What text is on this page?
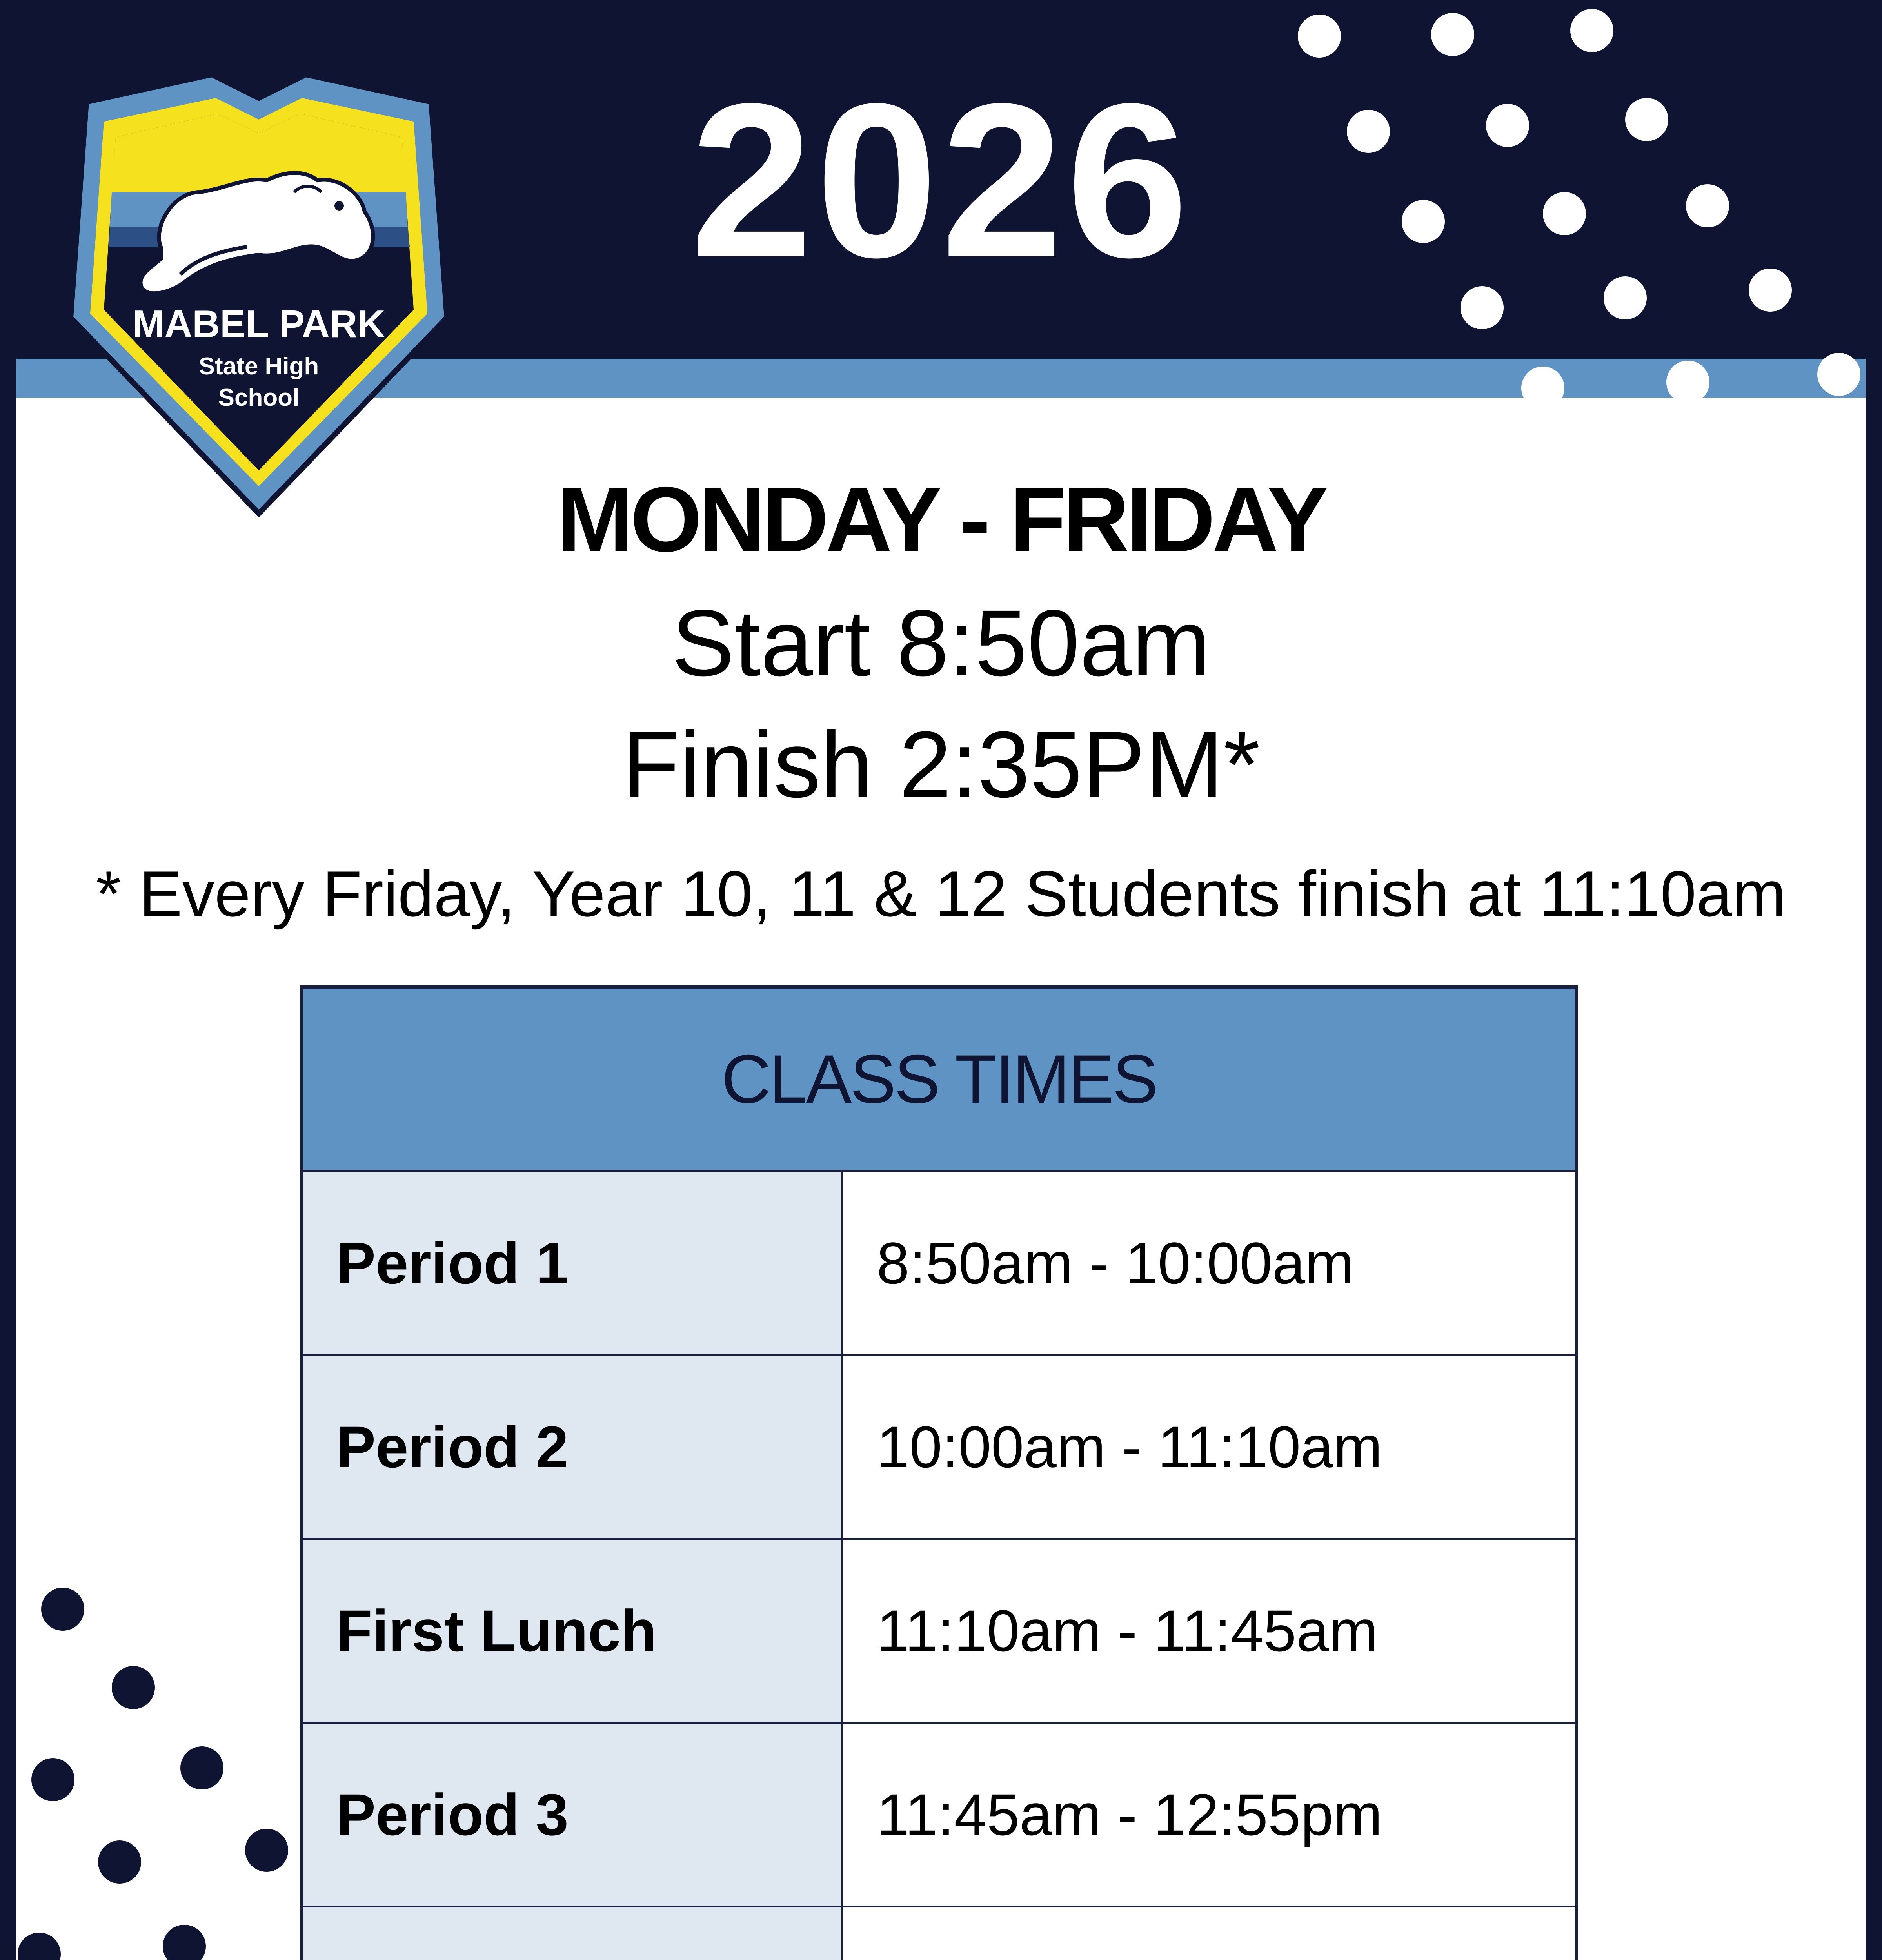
MABEL PARK
State High
School
2026
MONDAY - FRIDAY
Start 8:50am
Finish 2:35PM*
* Every Friday, Year 10, 11 & 12 Students finish at 11:10am
CLASS TIMES
Period 1	8:50am - 10:00am
Period 2	10:00am - 11:10am
First Lunch	11:10am - 11:45am
Period 3	11:45am - 12:55pm
